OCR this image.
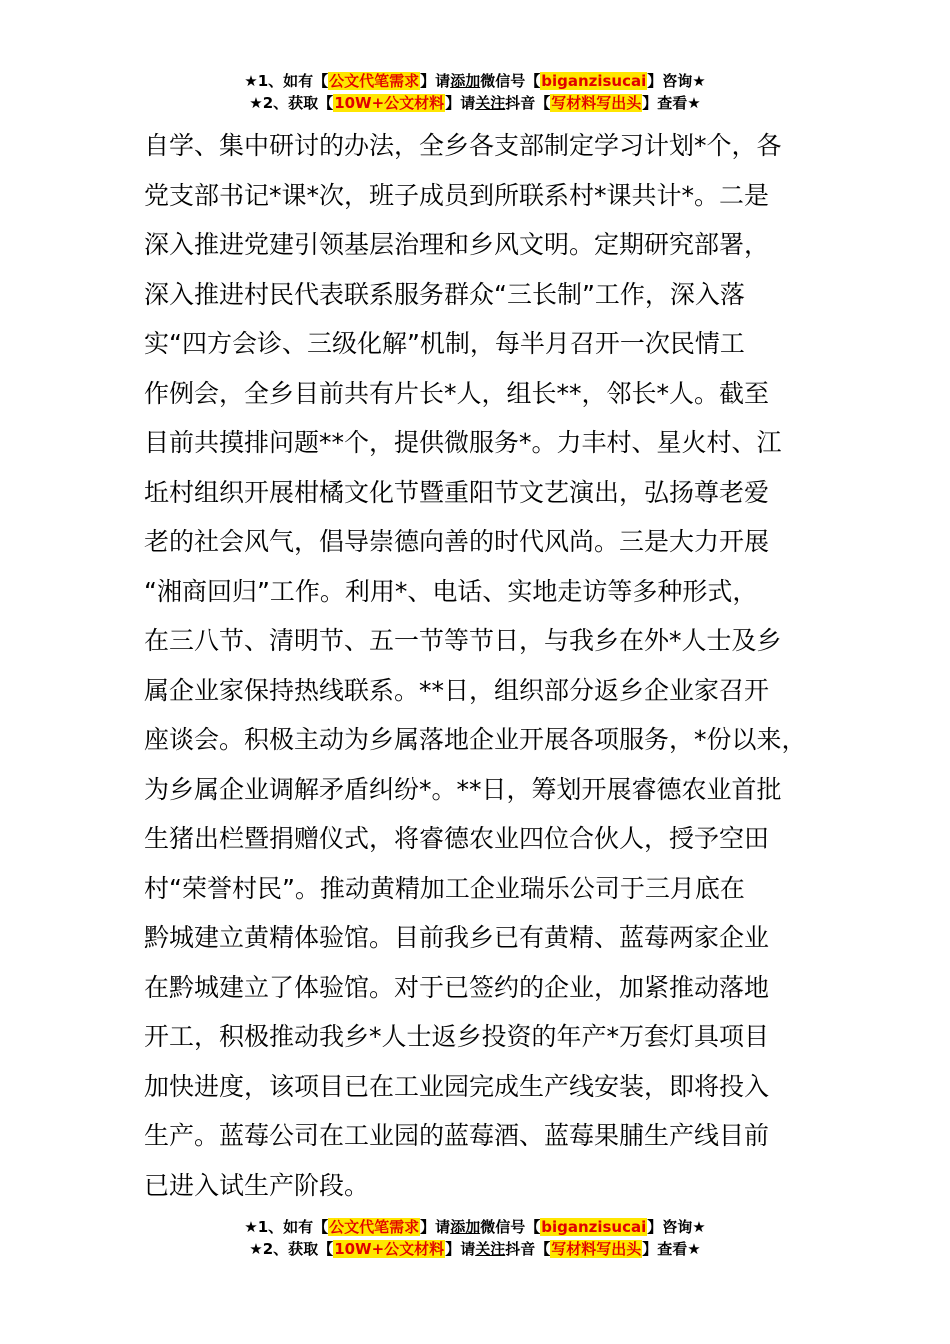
★1、如有【公文代笔需求】请添加微信号【biganzisucai】咨询★
★2、获取【10W+公文材料】请关注抖音【写材料写出头】查看★
自学、集中研讨的办法，全乡各支部制定学习计划*个，各
党支部书记*课*次，班子成员到所联系村*课共计*。二是
深入推进党建引领基层治理和乡风文明。定期研究部署，
深入推进村民代表联系服务群众“三长制”工作，深入落
实“四方会诊、三级化解”机制，每半月召开一次民情工
作例会，全乡目前共有片长*人，组长**，邻长*人。截至
目前共摸排问题**个，提供微服务*。力丰村、星火村、江
坵村组织开展柑橘文化节暨重阳节文艺演出，弘扬尊老爱
老的社会风气，倡导崇德向善的时代风尚。三是大力开展
“湘商回归”工作。利用*、电话、实地走访等多种形式，
在三八节、清明节、五一节等节日，与我乡在外*人士及乡
属企业家保持热线联系。**日，组织部分返乡企业家召开
座谈会。积极主动为乡属落地企业开展各项服务，*份以来，
为乡属企业调解矛盾纠纷*。**日，筹划开展睿德农业首批
生猪出栏暨捐赠仪式，将睿德农业四位合伙人，授予空田
村“荣誉村民”。推动黄精加工企业瑞乐公司于三月底在
黔城建立黄精体验馆。目前我乡已有黄精、蓝莓两家企业
在黔城建立了体验馆。对于已签约的企业，加紧推动落地
开工，积极推动我乡*人士返乡投资的年产*万套灯具项目
加快进度，该项目已在工业园完成生产线安装，即将投入
生产。蓝莓公司在工业园的蓝莓酒、蓝莓果脯生产线目前
已进入试生产阶段。
★1、如有【公文代笔需求】请添加微信号【biganzisucai】咨询★
★2、获取【10W+公文材料】请关注抖音【写材料写出头】查看★
